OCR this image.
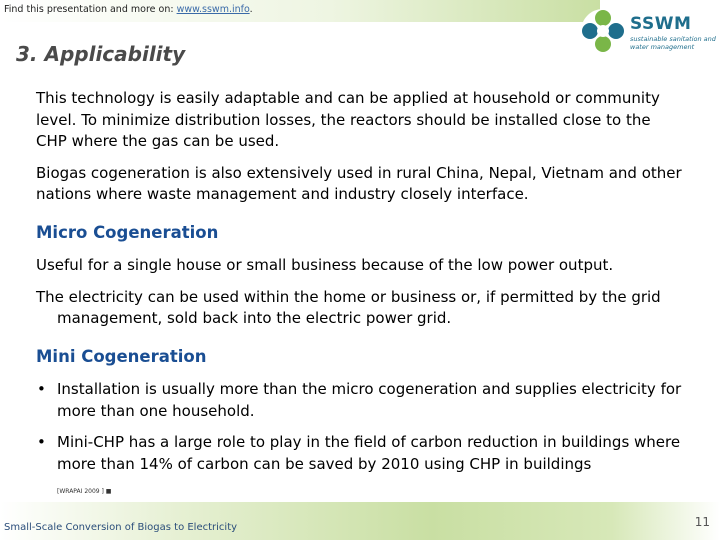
Find this presentation and more on: www.sswm.info.
SSWM
sustainable sanitation and water management
3. Applicability

This technology is easily adaptable and can be applied at household or community level. To minimize distribution losses, the reactors should be installed close to the CHP where the gas can be used.

Biogas cogeneration is also extensively used in rural China, Nepal, Vietnam and other nations where waste management and industry closely interface.

Micro Cogeneration

Useful for a single house or small business because of the low power output.

The electricity can be used within the home or business or, if permitted by the grid management, sold back into the electric power grid.

Mini Cogeneration
• Installation is usually more than the micro cogeneration and supplies electricity for more than one household.
• Mini-CHP has a large role to play in the field of carbon reduction in buildings where more than 14% of carbon can be saved by 2010 using CHP in buildings
[WRAPAI 2009 ] ■
Small-Scale Conversion of Biogas to Electricity	11
